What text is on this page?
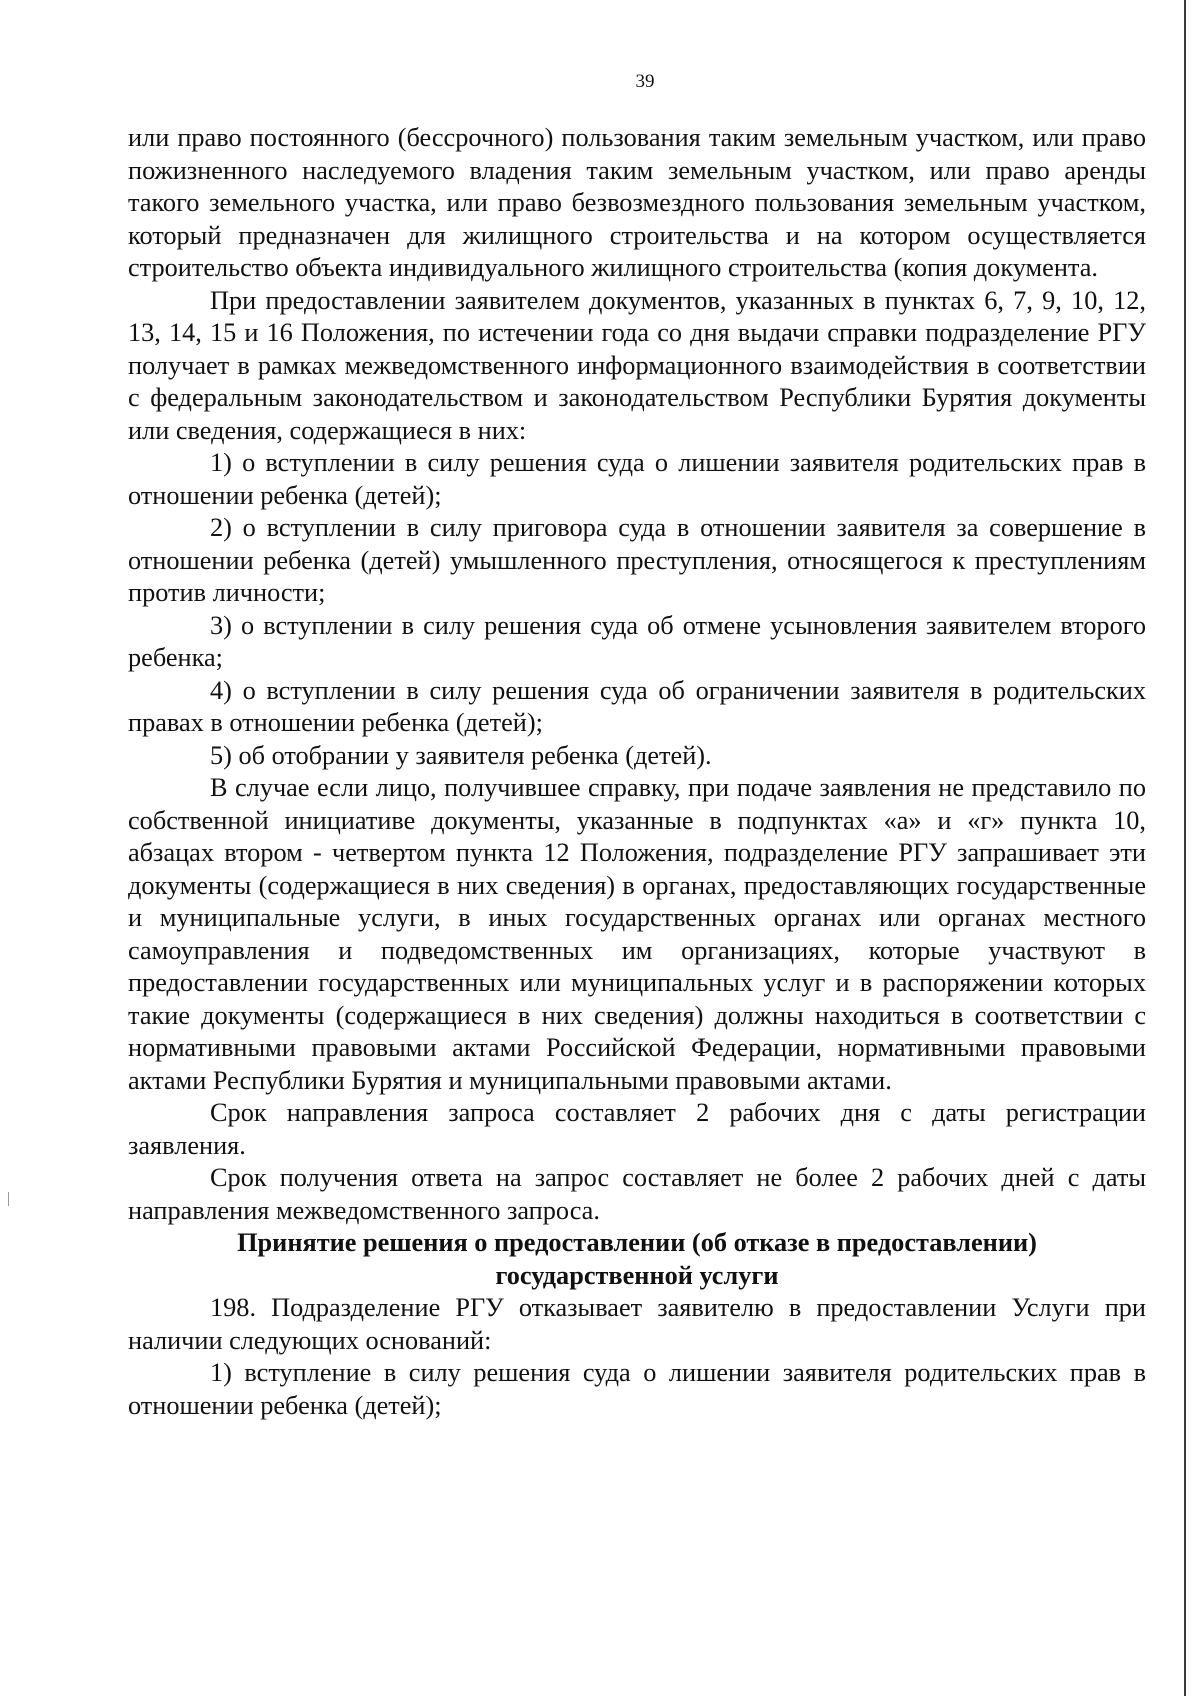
39

или право постоянного (бессрочного) пользования таким земельным участком, или право пожизненного наследуемого владения таким земельным участком, или право аренды такого земельного участка, или право безвозмездного пользования земельным участком, который предназначен для жилищного строительства и на котором осуществляется строительство объекта индивидуального жилищного строительства (копия документа.

При предоставлении заявителем документов, указанных в пунктах 6, 7, 9, 10, 12, 13, 14, 15 и 16 Положения, по истечении года со дня выдачи справки подразделение РГУ получает в рамках межведомственного информационного взаимодействия в соответствии с федеральным законодательством и законодательством Республики Бурятия документы или сведения, содержащиеся в них:

1) о вступлении в силу решения суда о лишении заявителя родительских прав в отношении ребенка (детей);

2) о вступлении в силу приговора суда в отношении заявителя за совершение в отношении ребенка (детей) умышленного преступления, относящегося к преступлениям против личности;

3) о вступлении в силу решения суда об отмене усыновления заявителем второго ребенка;

4) о вступлении в силу решения суда об ограничении заявителя в родительских правах в отношении ребенка (детей);

5) об отобрании у заявителя ребенка (детей).

В случае если лицо, получившее справку, при подаче заявления не представило по собственной инициативе документы, указанные в подпунктах «а» и «г» пункта 10, абзацах втором - четвертом пункта 12 Положения, подразделение РГУ запрашивает эти документы (содержащиеся в них сведения) в органах, предоставляющих государственные и муниципальные услуги, в иных государственных органах или органах местного самоуправления и подведомственных им организациях, которые участвуют в предоставлении государственных или муниципальных услуг и в распоряжении которых такие документы (содержащиеся в них сведения) должны находиться в соответствии с нормативными правовыми актами Российской Федерации, нормативными правовыми актами Республики Бурятия и муниципальными правовыми актами.

Срок направления запроса составляет 2 рабочих дня с даты регистрации заявления.

Срок получения ответа на запрос составляет не более 2 рабочих дней с даты направления межведомственного запроса.

Принятие решения о предоставлении (об отказе в предоставлении)
государственной услуги

198. Подразделение РГУ отказывает заявителю в предоставлении Услуги при наличии следующих оснований:

1) вступление в силу решения суда о лишении заявителя родительских прав в отношении ребенка (детей);
